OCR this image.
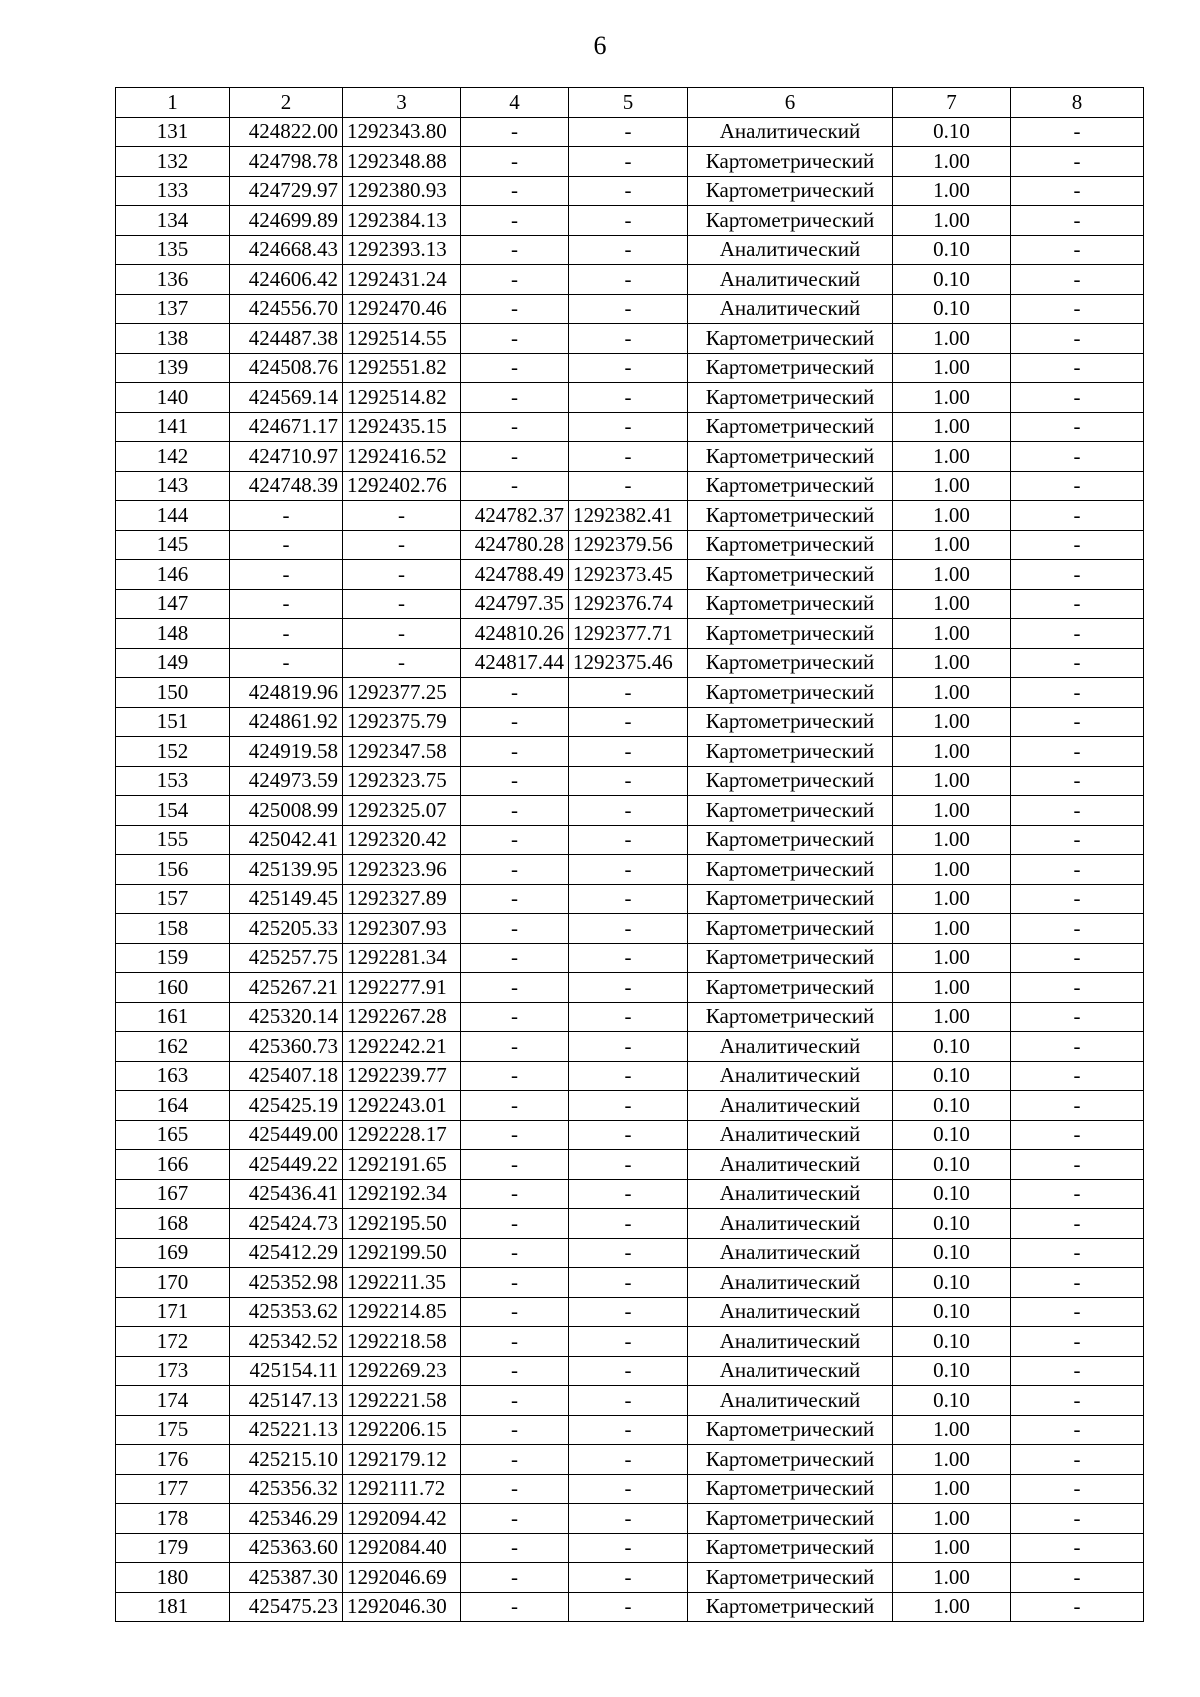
6
1	2	3	4	5	6	7	8
131	424822.00	1292343.80	-	-	Аналитический	0.10	-
132	424798.78	1292348.88	-	-	Картометрический	1.00	-
133	424729.97	1292380.93	-	-	Картометрический	1.00	-
134	424699.89	1292384.13	-	-	Картометрический	1.00	-
135	424668.43	1292393.13	-	-	Аналитический	0.10	-
136	424606.42	1292431.24	-	-	Аналитический	0.10	-
137	424556.70	1292470.46	-	-	Аналитический	0.10	-
138	424487.38	1292514.55	-	-	Картометрический	1.00	-
139	424508.76	1292551.82	-	-	Картометрический	1.00	-
140	424569.14	1292514.82	-	-	Картометрический	1.00	-
141	424671.17	1292435.15	-	-	Картометрический	1.00	-
142	424710.97	1292416.52	-	-	Картометрический	1.00	-
143	424748.39	1292402.76	-	-	Картометрический	1.00	-
144	-	-	424782.37	1292382.41	Картометрический	1.00	-
145	-	-	424780.28	1292379.56	Картометрический	1.00	-
146	-	-	424788.49	1292373.45	Картометрический	1.00	-
147	-	-	424797.35	1292376.74	Картометрический	1.00	-
148	-	-	424810.26	1292377.71	Картометрический	1.00	-
149	-	-	424817.44	1292375.46	Картометрический	1.00	-
150	424819.96	1292377.25	-	-	Картометрический	1.00	-
151	424861.92	1292375.79	-	-	Картометрический	1.00	-
152	424919.58	1292347.58	-	-	Картометрический	1.00	-
153	424973.59	1292323.75	-	-	Картометрический	1.00	-
154	425008.99	1292325.07	-	-	Картометрический	1.00	-
155	425042.41	1292320.42	-	-	Картометрический	1.00	-
156	425139.95	1292323.96	-	-	Картометрический	1.00	-
157	425149.45	1292327.89	-	-	Картометрический	1.00	-
158	425205.33	1292307.93	-	-	Картометрический	1.00	-
159	425257.75	1292281.34	-	-	Картометрический	1.00	-
160	425267.21	1292277.91	-	-	Картометрический	1.00	-
161	425320.14	1292267.28	-	-	Картометрический	1.00	-
162	425360.73	1292242.21	-	-	Аналитический	0.10	-
163	425407.18	1292239.77	-	-	Аналитический	0.10	-
164	425425.19	1292243.01	-	-	Аналитический	0.10	-
165	425449.00	1292228.17	-	-	Аналитический	0.10	-
166	425449.22	1292191.65	-	-	Аналитический	0.10	-
167	425436.41	1292192.34	-	-	Аналитический	0.10	-
168	425424.73	1292195.50	-	-	Аналитический	0.10	-
169	425412.29	1292199.50	-	-	Аналитический	0.10	-
170	425352.98	1292211.35	-	-	Аналитический	0.10	-
171	425353.62	1292214.85	-	-	Аналитический	0.10	-
172	425342.52	1292218.58	-	-	Аналитический	0.10	-
173	425154.11	1292269.23	-	-	Аналитический	0.10	-
174	425147.13	1292221.58	-	-	Аналитический	0.10	-
175	425221.13	1292206.15	-	-	Картометрический	1.00	-
176	425215.10	1292179.12	-	-	Картометрический	1.00	-
177	425356.32	1292111.72	-	-	Картометрический	1.00	-
178	425346.29	1292094.42	-	-	Картометрический	1.00	-
179	425363.60	1292084.40	-	-	Картометрический	1.00	-
180	425387.30	1292046.69	-	-	Картометрический	1.00	-
181	425475.23	1292046.30	-	-	Картометрический	1.00	-
